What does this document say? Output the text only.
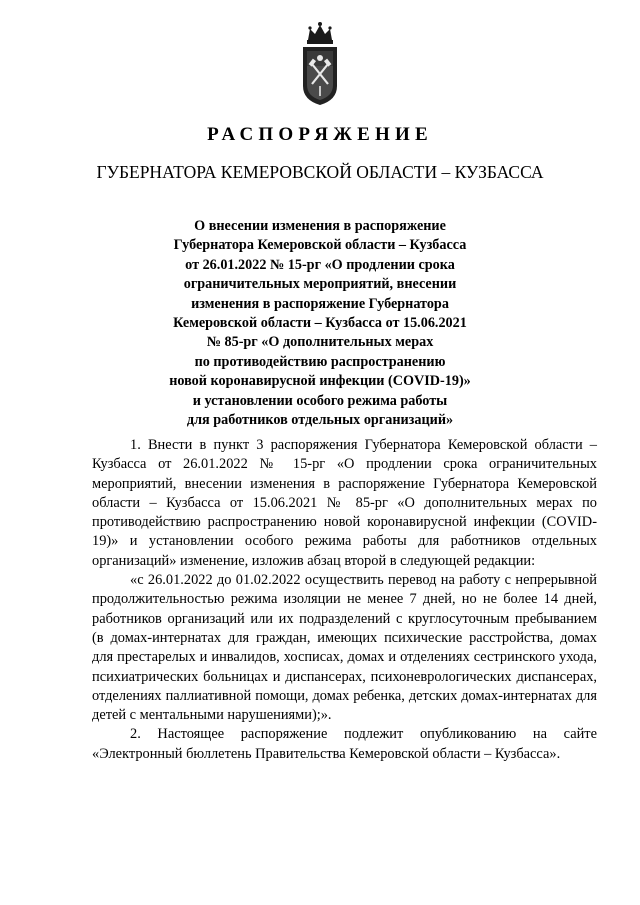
РАСПОРЯЖЕНИЕ
ГУБЕРНАТОРА КЕМЕРОВСКОЙ ОБЛАСТИ – КУЗБАССА
О внесении изменения в распоряжение
Губернатора Кемеровской области – Кузбасса
от 26.01.2022 № 15-рг «О продлении срока
ограничительных мероприятий, внесении
изменения в распоряжение Губернатора
Кемеровской области – Кузбасса от 15.06.2021
№ 85-рг «О дополнительных мерах
по противодействию распространению
новой коронавирусной инфекции (COVID-19)»
и установлении особого режима работы
для работников отдельных организаций»

1. Внести в пункт 3 распоряжения Губернатора Кемеровской области – Кузбасса от 26.01.2022 № 15-рг «О продлении срока ограничительных мероприятий, внесении изменения в распоряжение Губернатора Кемеровской области – Кузбасса от 15.06.2021 № 85-рг «О дополнительных мерах по противодействию распространению новой коронавирусной инфекции (COVID-19)» и установлении особого режима работы для работников отдельных организаций» изменение, изложив абзац второй в следующей редакции:

«с 26.01.2022 до 01.02.2022 осуществить перевод на работу с непрерывной продолжительностью режима изоляции не менее 7 дней, но не более 14 дней, работников организаций или их подразделений с круглосуточным пребыванием (в домах-интернатах для граждан, имеющих психические расстройства, домах для престарелых и инвалидов, хосписах, домах и отделениях сестринского ухода, психиатрических больницах и диспансерах, психоневрологических диспансерах, отделениях паллиативной помощи, домах ребенка, детских домах-интернатах для детей с ментальными нарушениями);».

2. Настоящее распоряжение подлежит опубликованию на сайте «Электронный бюллетень Правительства Кемеровской области – Кузбасса».
